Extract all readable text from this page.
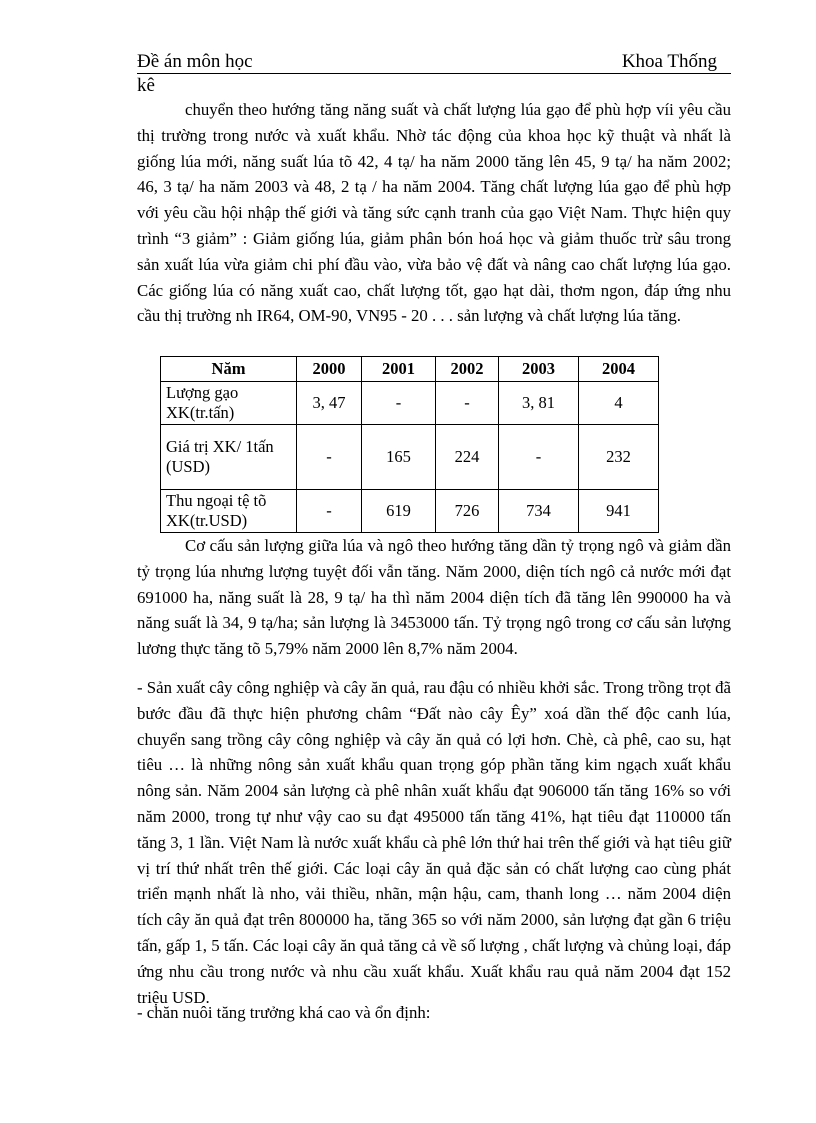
Đề án môn học	Khoa Thống
kê

chuyển theo hướng tăng năng suất và chất lượng lúa gạo để phù hợp víi yêu cầu thị trường trong nước và xuất khẩu. Nhờ tác động của khoa học kỹ thuật và nhất là giống lúa mới, năng suất lúa tõ 42, 4 tạ/ ha năm 2000 tăng lên 45, 9 tạ/ ha năm 2002; 46, 3 tạ/ ha năm 2003 và 48, 2 tạ / ha năm 2004. Tăng chất lượng lúa gạo để phù hợp với yêu cầu hội nhập thế giới và tăng sức cạnh tranh của gạo Việt Nam. Thực hiện quy trình “3 giảm” : Giảm giống lúa, giảm phân bón hoá học và giảm thuốc trừ sâu trong sản xuất lúa vừa giảm chi phí đầu vào, vừa bảo vệ đất và nâng cao chất lượng lúa gạo. Các giống lúa có năng xuất cao, chất lượng tốt, gạo hạt dài, thơm ngon, đáp ứng nhu cầu thị trường nh IR64, OM-90, VN95 - 20 . . . sản lượng và chất lượng lúa tăng.

Năm	2000	2001	2002	2003	2004
Lượng gạo XK(tr.tấn)	3, 47	-	-	3, 81	4
Giá trị XK/ 1tấn (USD)	-	165	224	-	232
Thu ngoại tệ tõ XK(tr.USD)	-	619	726	734	941

Cơ cấu sản lượng giữa lúa và ngô theo hướng tăng dần tỷ trọng ngô và giảm dần tỷ trọng lúa nhưng lượng tuyệt đối vẫn tăng. Năm 2000, diện tích ngô cả nước mới đạt 691000 ha, năng suất là 28, 9 tạ/ ha thì năm 2004 diện tích đã tăng lên 990000 ha và năng suất là 34, 9 tạ/ha; sản lượng là 3453000 tấn. Tỷ trọng ngô trong cơ cấu sản lượng lương thực tăng tõ 5,79% năm 2000 lên 8,7% năm 2004.

- Sản xuất cây công nghiệp và cây ăn quả, rau đậu có nhiều khởi sắc. Trong trồng trọt đã bước đầu đã thực hiện phương châm “Đất nào cây Êy” xoá dần thế độc canh lúa, chuyển sang trồng cây công nghiệp và cây ăn quả có lợi hơn. Chè, cà phê, cao su, hạt tiêu … là những nông sản xuất khẩu quan trọng góp phần tăng kim ngạch xuất khẩu nông sản. Năm 2004 sản lượng cà phê nhân xuất khẩu đạt 906000 tấn tăng 16% so với năm 2000, trong tự như vậy cao su đạt 495000 tấn tăng 41%, hạt tiêu đạt 110000 tấn tăng 3, 1 lần. Việt Nam là nước xuất khẩu cà phê lớn thứ hai trên thế giới và hạt tiêu giữ vị trí thứ nhất trên thế giới. Các loại cây ăn quả đặc sản có chất lượng cao cùng phát triển mạnh nhất là nho, vải thiều, nhãn, mận hậu, cam, thanh long … năm 2004 diện tích cây ăn quả đạt trên 800000 ha, tăng 365 so với năm 2000, sản lượng đạt gần 6 triệu tấn, gấp 1, 5 tấn. Các loại cây ăn quả tăng cả về số lượng , chất lượng và chủng loại, đáp ứng nhu cầu trong nước và nhu cầu xuất khẩu. Xuất khẩu rau quả năm 2004 đạt 152 triệu USD.

- chăn nuôi tăng trưởng khá cao và ổn định:
